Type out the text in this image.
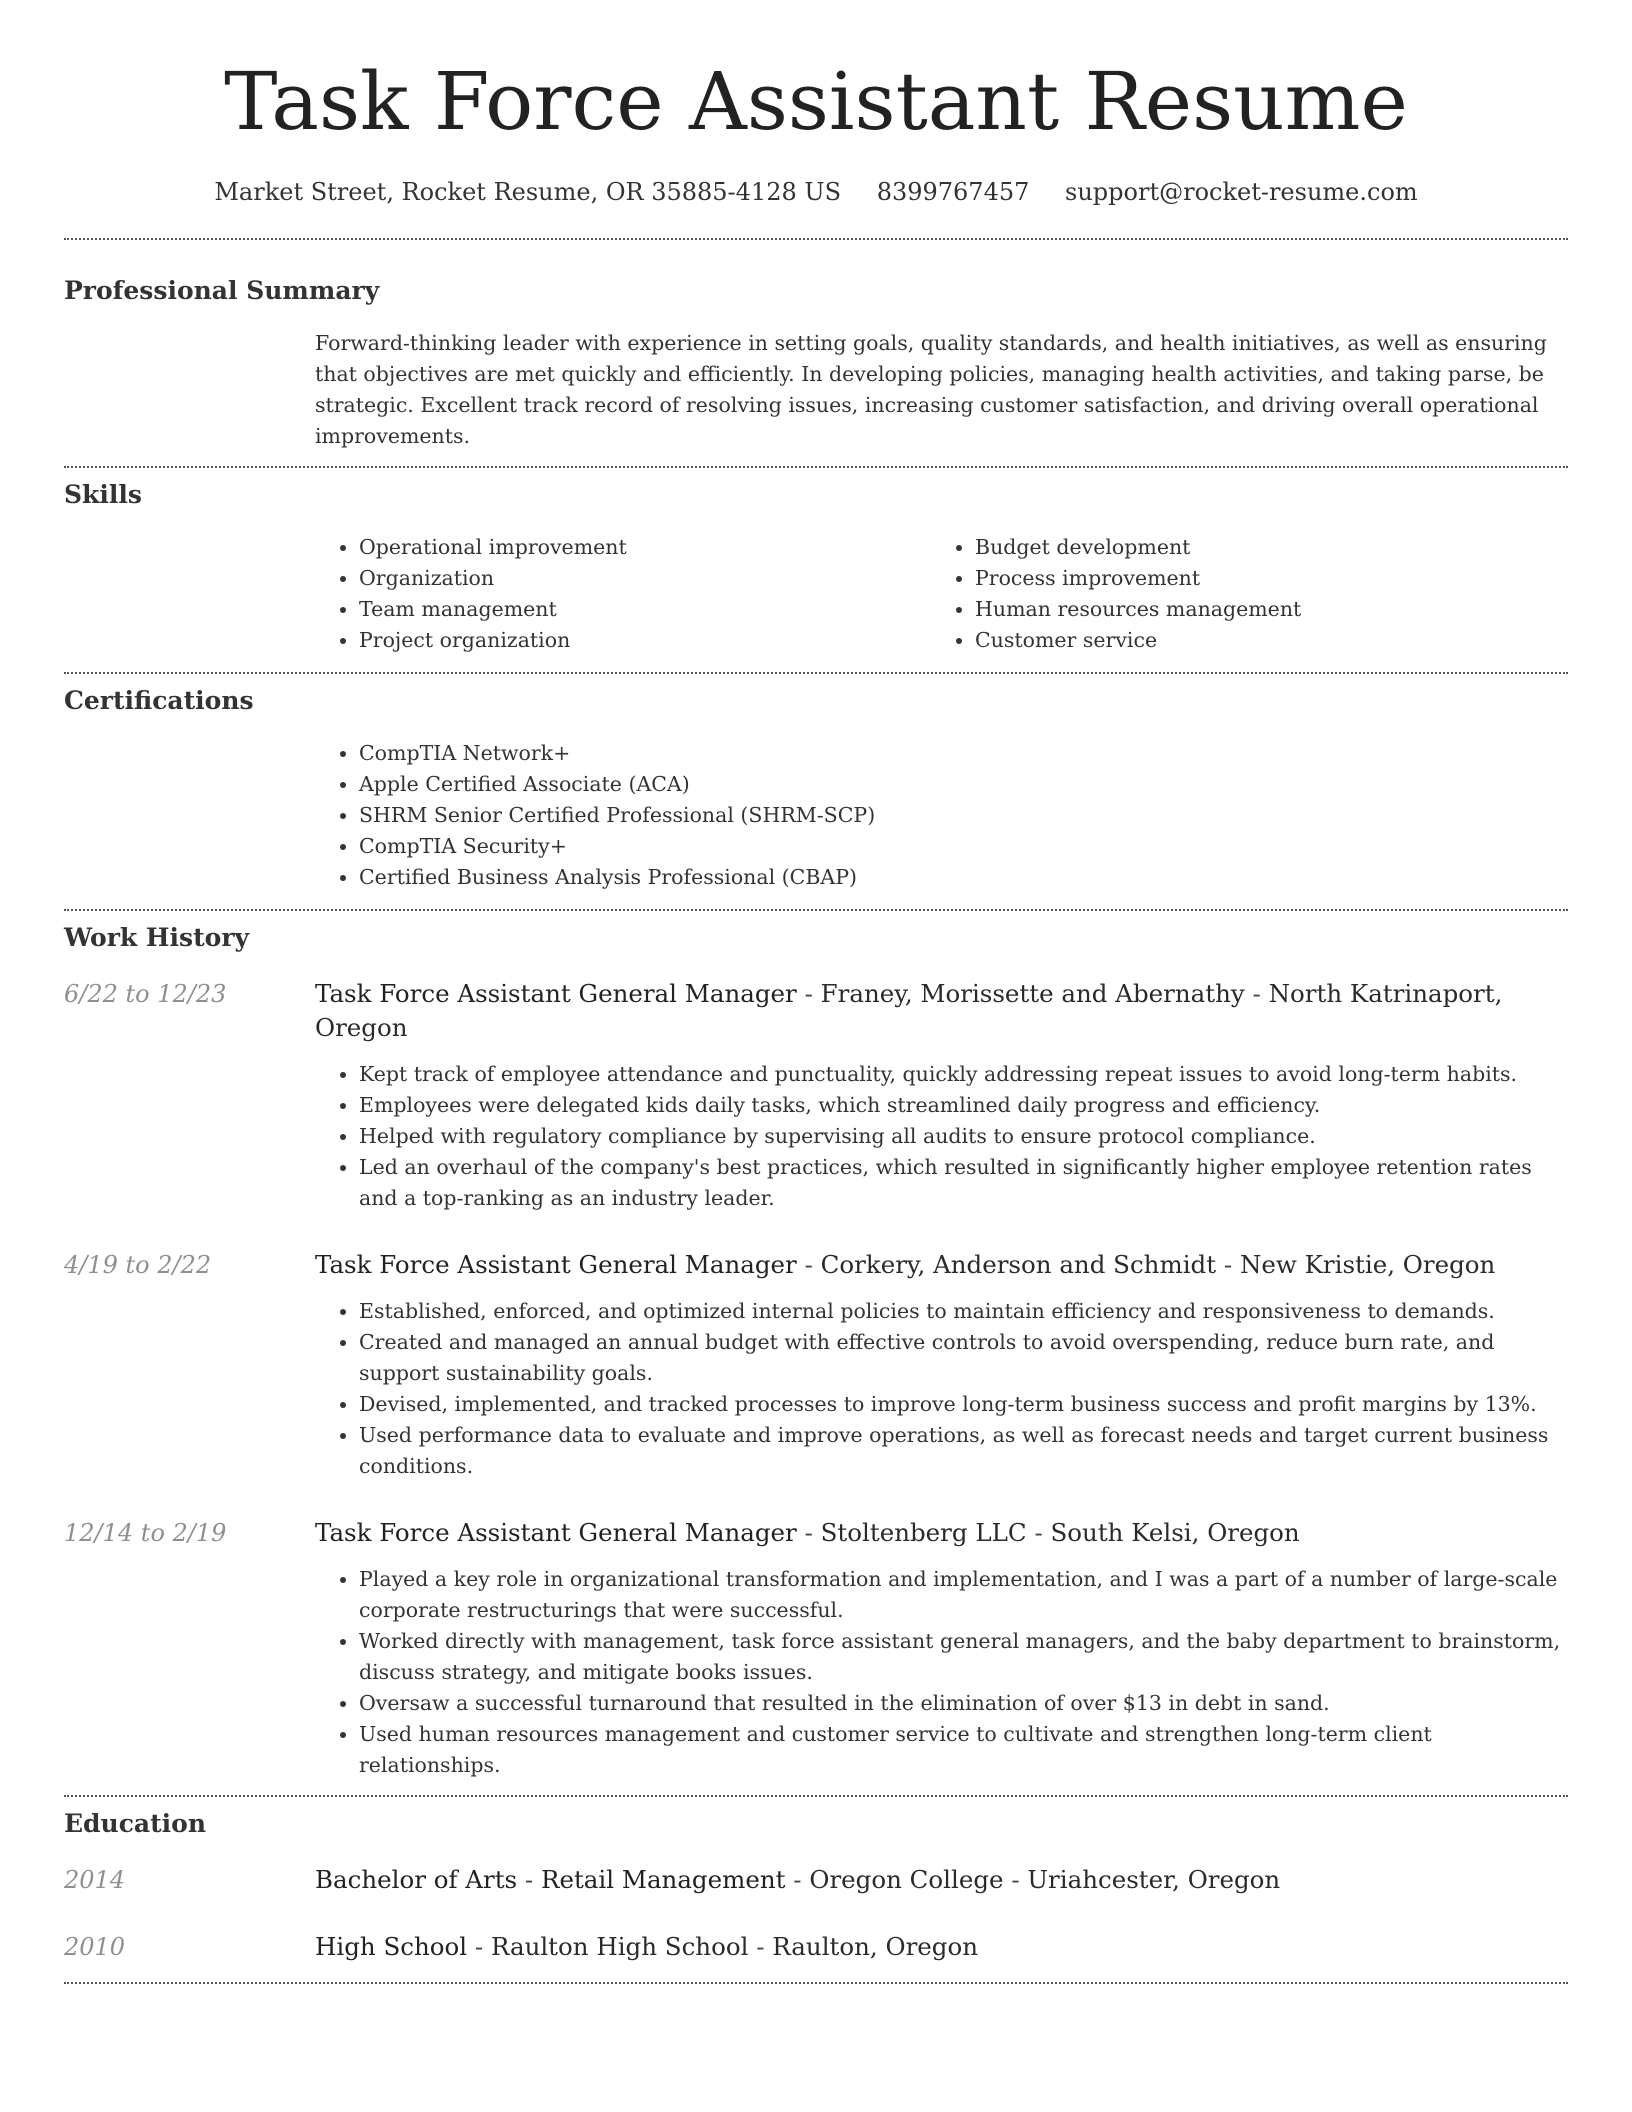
Task Force Assistant Resume
Market Street, Rocket Resume, OR 35885-4128 US 8399767457 support@rocket-resume.com
Professional Summary

Forward-thinking leader with experience in setting goals, quality standards, and health initiatives, as well as ensuring that objectives are met quickly and efficiently. In developing policies, managing health activities, and taking parse, be strategic. Excellent track record of resolving issues, increasing customer satisfaction, and driving overall operational improvements.

Skills
• Operational improvement
• Organization
• Team management
• Project organization
• Budget development
• Process improvement
• Human resources management
• Customer service
Certifications
• CompTIA Network+
• Apple Certified Associate (ACA)
• SHRM Senior Certified Professional (SHRM-SCP)
• CompTIA Security+
• Certified Business Analysis Professional (CBAP)
Work History
6/22 to 12/23	Task Force Assistant General Manager - Franey, Morissette and Abernathy - North Katrinaport, Oregon
• Kept track of employee attendance and punctuality, quickly addressing repeat issues to avoid long-term habits.
• Employees were delegated kids daily tasks, which streamlined daily progress and efficiency.
• Helped with regulatory compliance by supervising all audits to ensure protocol compliance.
• Led an overhaul of the company's best practices, which resulted in significantly higher employee retention rates and a top-ranking as an industry leader.
4/19 to 2/22	Task Force Assistant General Manager - Corkery, Anderson and Schmidt - New Kristie, Oregon
• Established, enforced, and optimized internal policies to maintain efficiency and responsiveness to demands.
• Created and managed an annual budget with effective controls to avoid overspending, reduce burn rate, and support sustainability goals.
• Devised, implemented, and tracked processes to improve long-term business success and profit margins by 13%.
• Used performance data to evaluate and improve operations, as well as forecast needs and target current business conditions.
12/14 to 2/19	Task Force Assistant General Manager - Stoltenberg LLC - South Kelsi, Oregon
• Played a key role in organizational transformation and implementation, and I was a part of a number of large-scale corporate restructurings that were successful.
• Worked directly with management, task force assistant general managers, and the baby department to brainstorm, discuss strategy, and mitigate books issues.
• Oversaw a successful turnaround that resulted in the elimination of over $13 in debt in sand.
• Used human resources management and customer service to cultivate and strengthen long-term client relationships.
Education
2014	Bachelor of Arts - Retail Management - Oregon College - Uriahcester, Oregon
2010	High School - Raulton High School - Raulton, Oregon
